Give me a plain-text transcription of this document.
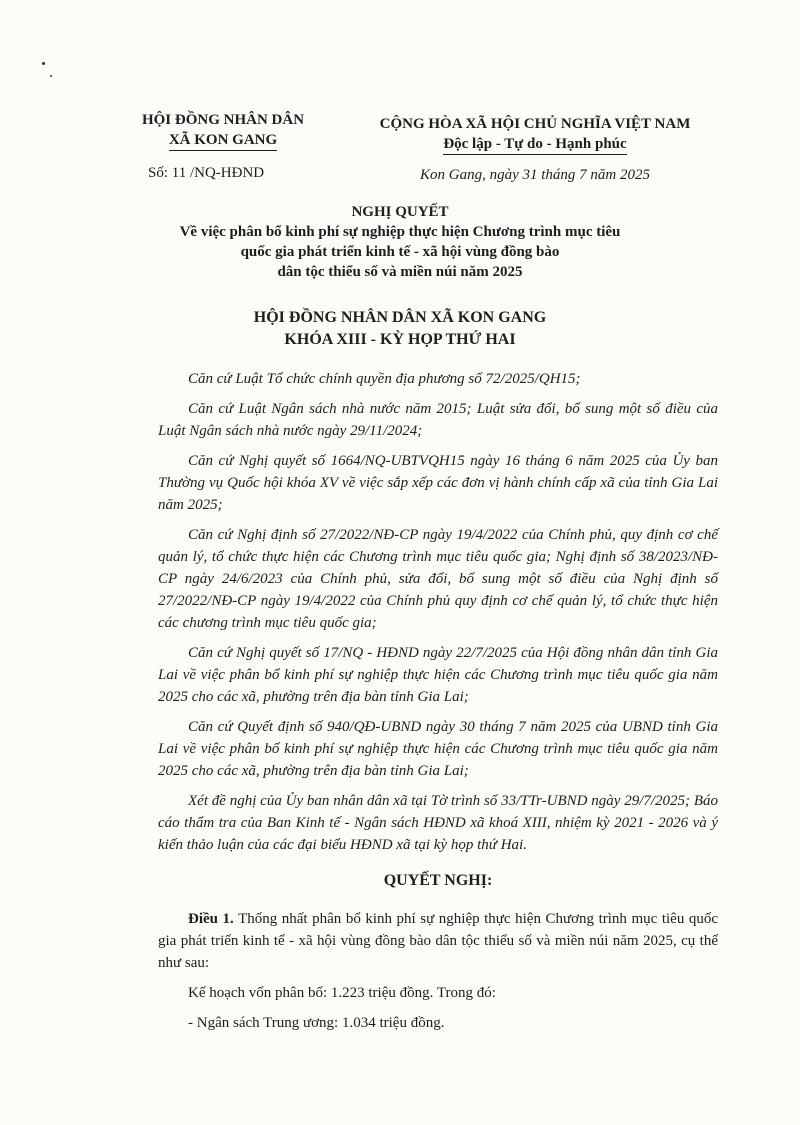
HỘI ĐỒNG NHÂN DÂN
XÃ KON GANG
Số: 11 /NQ-HĐND
CỘNG HÒA XÃ HỘI CHỦ NGHĨA VIỆT NAM
Độc lập - Tự do - Hạnh phúc
Kon Gang, ngày 31 tháng 7 năm 2025
NGHỊ QUYẾT
Về việc phân bổ kinh phí sự nghiệp thực hiện Chương trình mục tiêu
quốc gia phát triển kinh tế - xã hội vùng đồng bào
dân tộc thiểu số và miền núi năm 2025
HỘI ĐỒNG NHÂN DÂN XÃ KON GANG
KHÓA XIII - KỲ HỌP THỨ HAI

Căn cứ Luật Tổ chức chính quyền địa phương số 72/2025/QH15;

Căn cứ Luật Ngân sách nhà nước năm 2015; Luật sửa đổi, bổ sung một số điều của Luật Ngân sách nhà nước ngày 29/11/2024;

Căn cứ Nghị quyết số 1664/NQ-UBTVQH15 ngày 16 tháng 6 năm 2025 của Ủy ban Thường vụ Quốc hội khóa XV về việc sắp xếp các đơn vị hành chính cấp xã của tỉnh Gia Lai năm 2025;

Căn cứ Nghị định số 27/2022/NĐ-CP ngày 19/4/2022 của Chính phủ, quy định cơ chế quản lý, tổ chức thực hiện các Chương trình mục tiêu quốc gia; Nghị định số 38/2023/NĐ-CP ngày 24/6/2023 của Chính phủ, sửa đổi, bổ sung một số điều của Nghị định số 27/2022/NĐ-CP ngày 19/4/2022 của Chính phủ quy định cơ chế quản lý, tổ chức thực hiện các chương trình mục tiêu quốc gia;

Căn cứ Nghị quyết số 17/NQ - HĐND ngày 22/7/2025 của Hội đồng nhân dân tỉnh Gia Lai về việc phân bổ kinh phí sự nghiệp thực hiện các Chương trình mục tiêu quốc gia năm 2025 cho các xã, phường trên địa bàn tỉnh Gia Lai;

Căn cứ Quyết định số 940/QĐ-UBND ngày 30 tháng 7 năm 2025 của UBND tỉnh Gia Lai về việc phân bổ kinh phí sự nghiệp thực hiện các Chương trình mục tiêu quốc gia năm 2025 cho các xã, phường trên địa bàn tỉnh Gia Lai;

Xét đề nghị của Ủy ban nhân dân xã tại Tờ trình số 33/TTr-UBND ngày 29/7/2025; Báo cáo thẩm tra của Ban Kinh tế - Ngân sách HĐND xã khoá XIII, nhiệm kỳ 2021 - 2026 và ý kiến thảo luận của các đại biểu HĐND xã tại kỳ họp thứ Hai.

QUYẾT NGHỊ:

Điều 1. Thống nhất phân bổ kinh phí sự nghiệp thực hiện Chương trình mục tiêu quốc gia phát triển kinh tế - xã hội vùng đồng bào dân tộc thiểu số và miền núi năm 2025, cụ thể như sau:

Kế hoạch vốn phân bổ: 1.223 triệu đồng. Trong đó:

- Ngân sách Trung ương: 1.034 triệu đồng.
